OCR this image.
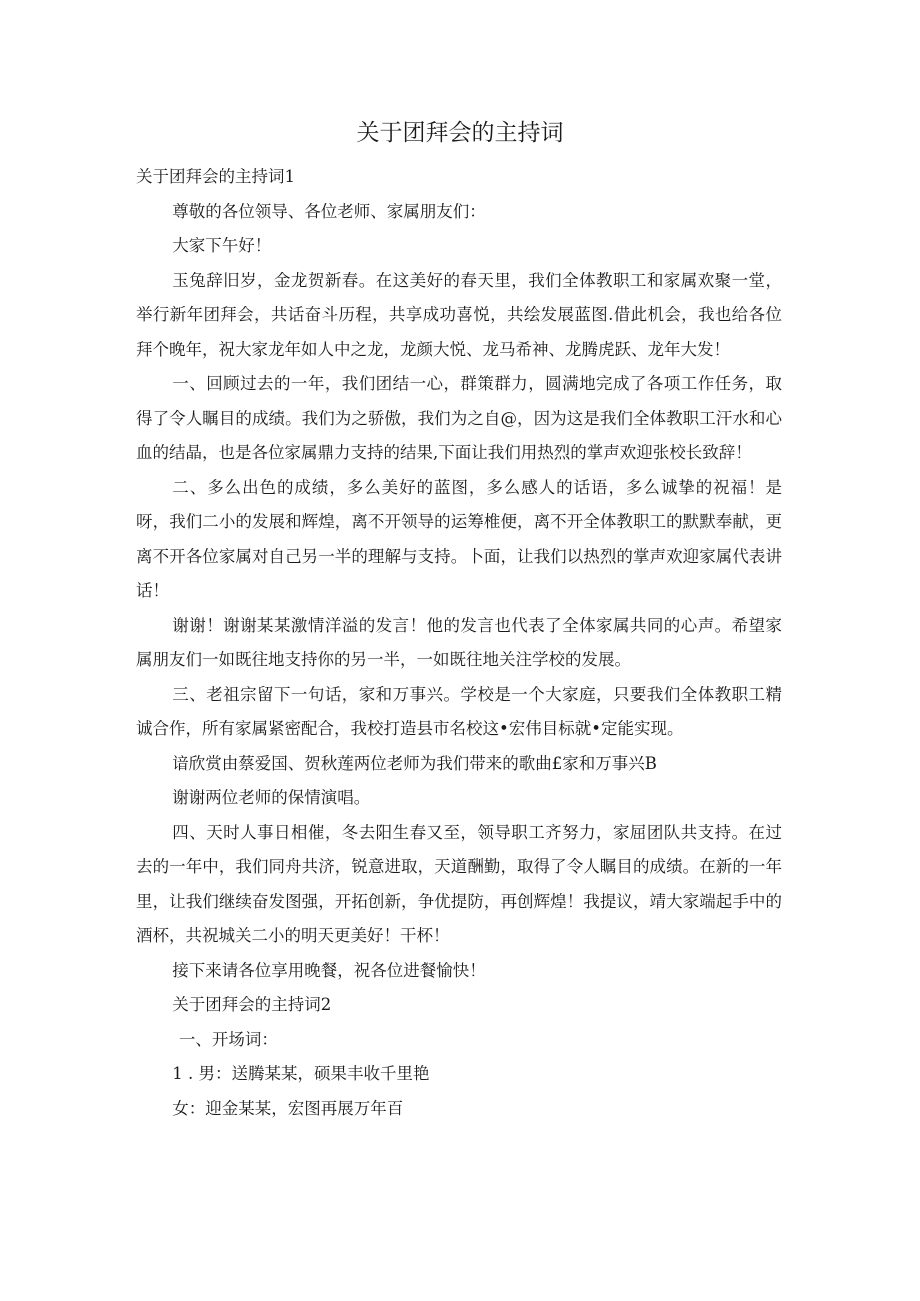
关于团拜会的主持词

关于团拜会的主持词1

尊敬的各位领导、各位老师、家属朋友们：

大家下午好！

玉兔辞旧岁，金龙贺新春。在这美好的春天里，我们全体教职工和家属欢聚一堂，举行新年团拜会，共话奋斗历程，共享成功喜悦，共绘发展蓝图.借此机会，我也给各位拜个晚年，祝大家龙年如人中之龙，龙颜大悦、龙马希神、龙腾虎跃、龙年大发！

一、回顾过去的一年，我们团结一心，群策群力，圆满地完成了各项工作任务，取得了令人瞩目的成绩。我们为之骄傲，我们为之自@，因为这是我们全体教职工汗水和心血的结晶，也是各位家属鼎力支持的结果,下面让我们用热烈的掌声欢迎张校长致辞！

二、多么出色的成绩，多么美好的蓝图，多么感人的话语，多么诚挚的祝福！是呀，我们二小的发展和辉煌，离不开领导的运筹椎便，离不开全体教职工的默默奉献，更离不开各位家属对自己另一半的理解与支持。卜面，让我们以热烈的掌声欢迎家属代表讲话！

谢谢！谢谢某某激情洋溢的发言！他的发言也代表了全体家属共同的心声。希望家属朋友们一如既往地支持你的另一半，一如既往地关注学校的发展。

三、老祖宗留下一句话，家和万事兴。学校是一个大家庭，只要我们全体教职工精诚合作，所有家属紧密配合，我校打造县市名校这•宏伟目标就•定能实现。

谙欣赏由蔡爱国、贺秋莲两位老师为我们带来的歌曲£家和万事兴B

谢谢两位老师的保情演唱。

四、天时人事日相催，冬去阳生春又至，领导职工齐努力，家屈团队共支持。在过去的一年中，我们同舟共济，锐意进取，天道酬勤，取得了令人瞩目的成绩。在新的一年里，让我们继续奋发图强，开拓创新，争优提防，再创辉煌！我提议，靖大家端起手中的酒杯，共祝城关二小的明天更美好！干杯！

接下来请各位享用晚餐，祝各位进餐愉快！

关于团拜会的主持词2

一、开场词：

1 . 男：送腾某某，硕果丰收千里艳

女：迎金某某，宏图再展万年百
